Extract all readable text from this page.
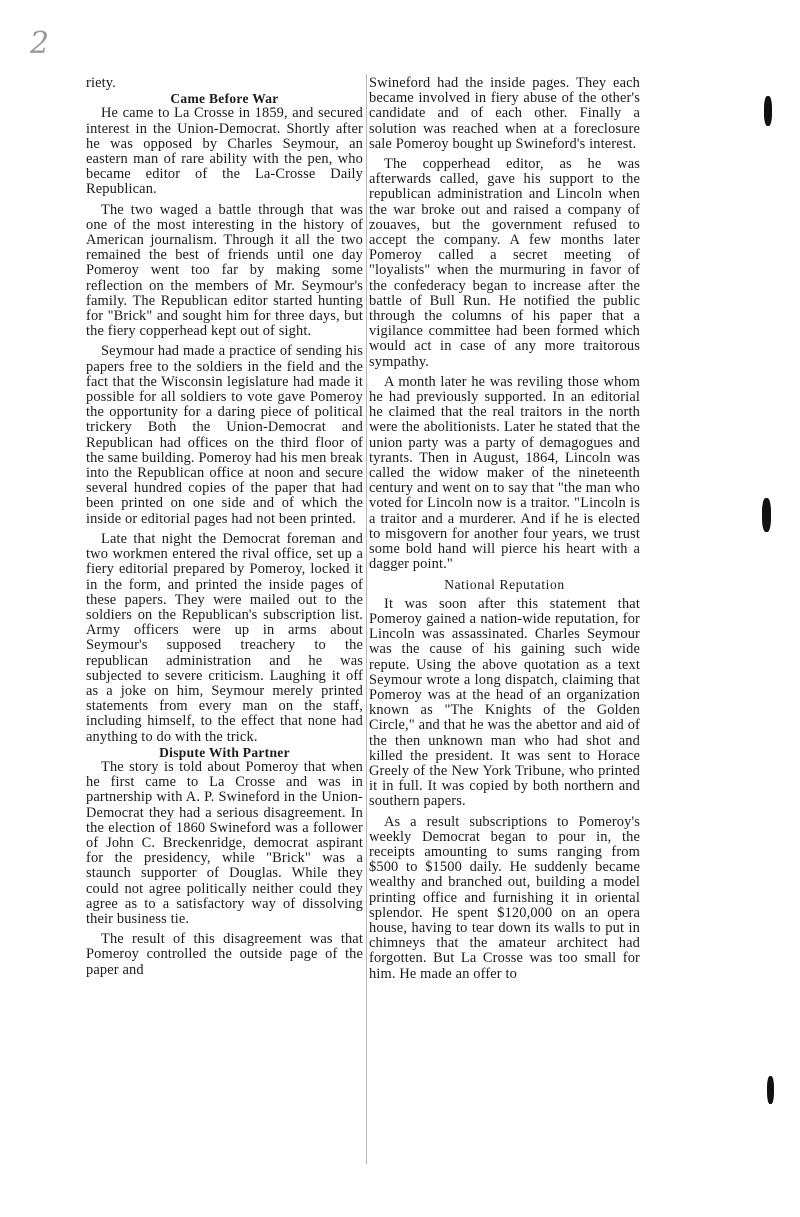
2

riety.

Came Before War

He came to La Crosse in 1859, and secured interest in the Union-Democrat. Shortly after he was opposed by Charles Seymour, an eastern man of rare ability with the pen, who became editor of the La-Crosse Daily Republican.

The two waged a battle through that was one of the most interesting in the history of American journalism. Through it all the two remained the best of friends until one day Pomeroy went too far by making some reflection on the members of Mr. Seymour's family. The Republican editor started hunting for "Brick" and sought him for three days, but the fiery copperhead kept out of sight.

Seymour had made a practice of sending his papers free to the soldiers in the field and the fact that the Wisconsin legislature had made it possible for all soldiers to vote gave Pomeroy the opportunity for a daring piece of political trickery Both the Union-Democrat and Republican had offices on the third floor of the same building. Pomeroy had his men break into the Republican office at noon and secure several hundred copies of the paper that had been printed on one side and of which the inside or editorial pages had not been printed.

Late that night the Democrat foreman and two workmen entered the rival office, set up a fiery editorial prepared by Pomeroy, locked it in the form, and printed the inside pages of these papers. They were mailed out to the soldiers on the Republican's subscription list. Army officers were up in arms about Seymour's supposed treachery to the republican administration and he was subjected to severe criticism. Laughing it off as a joke on him, Seymour merely printed statements from every man on the staff, including himself, to the effect that none had anything to do with the trick.

Dispute With Partner

The story is told about Pomeroy that when he first came to La Crosse and was in partnership with A. P. Swineford in the Union-Democrat they had a serious disagreement. In the election of 1860 Swineford was a follower of John C. Breckenridge, democrat aspirant for the presidency, while "Brick" was a staunch supporter of Douglas. While they could not agree politically neither could they agree as to a satisfactory way of dissolving their business tie.

The result of this disagreement was that Pomeroy controlled the outside page of the paper and

Swineford had the inside pages. They each became involved in fiery abuse of the other's candidate and of each other. Finally a solution was reached when at a foreclosure sale Pomeroy bought up Swineford's interest.

The copperhead editor, as he was afterwards called, gave his support to the republican administration and Lincoln when the war broke out and raised a company of zouaves, but the government refused to accept the company. A few months later Pomeroy called a secret meeting of "loyalists" when the murmuring in favor of the confederacy began to increase after the battle of Bull Run. He notified the public through the columns of his paper that a vigilance committee had been formed which would act in case of any more traitorous sympathy.

A month later he was reviling those whom he had previously supported. In an editorial he claimed that the real traitors in the north were the abolitionists. Later he stated that the union party was a party of demagogues and tyrants. Then in August, 1864, Lincoln was called the widow maker of the nineteenth century and went on to say that "the man who voted for Lincoln now is a traitor. "Lincoln is a traitor and a murderer. And if he is elected to misgovern for another four years, we trust some bold hand will pierce his heart with a dagger point."

National Reputation

It was soon after this statement that Pomeroy gained a nation-wide reputation, for Lincoln was assassinated. Charles Seymour was the cause of his gaining such wide repute. Using the above quotation as a text Seymour wrote a long dispatch, claiming that Pomeroy was at the head of an organization known as "The Knights of the Golden Circle," and that he was the abettor and aid of the then unknown man who had shot and killed the president. It was sent to Horace Greely of the New York Tribune, who printed it in full. It was copied by both northern and southern papers.

As a result subscriptions to Pomeroy's weekly Democrat began to pour in, the receipts amounting to sums ranging from $500 to $1500 daily. He suddenly became wealthy and branched out, building a model printing office and furnishing it in oriental splendor. He spent $120,000 on an opera house, having to tear down its walls to put in chimneys that the amateur architect had forgotten. But La Crosse was too small for him. He made an offer to
